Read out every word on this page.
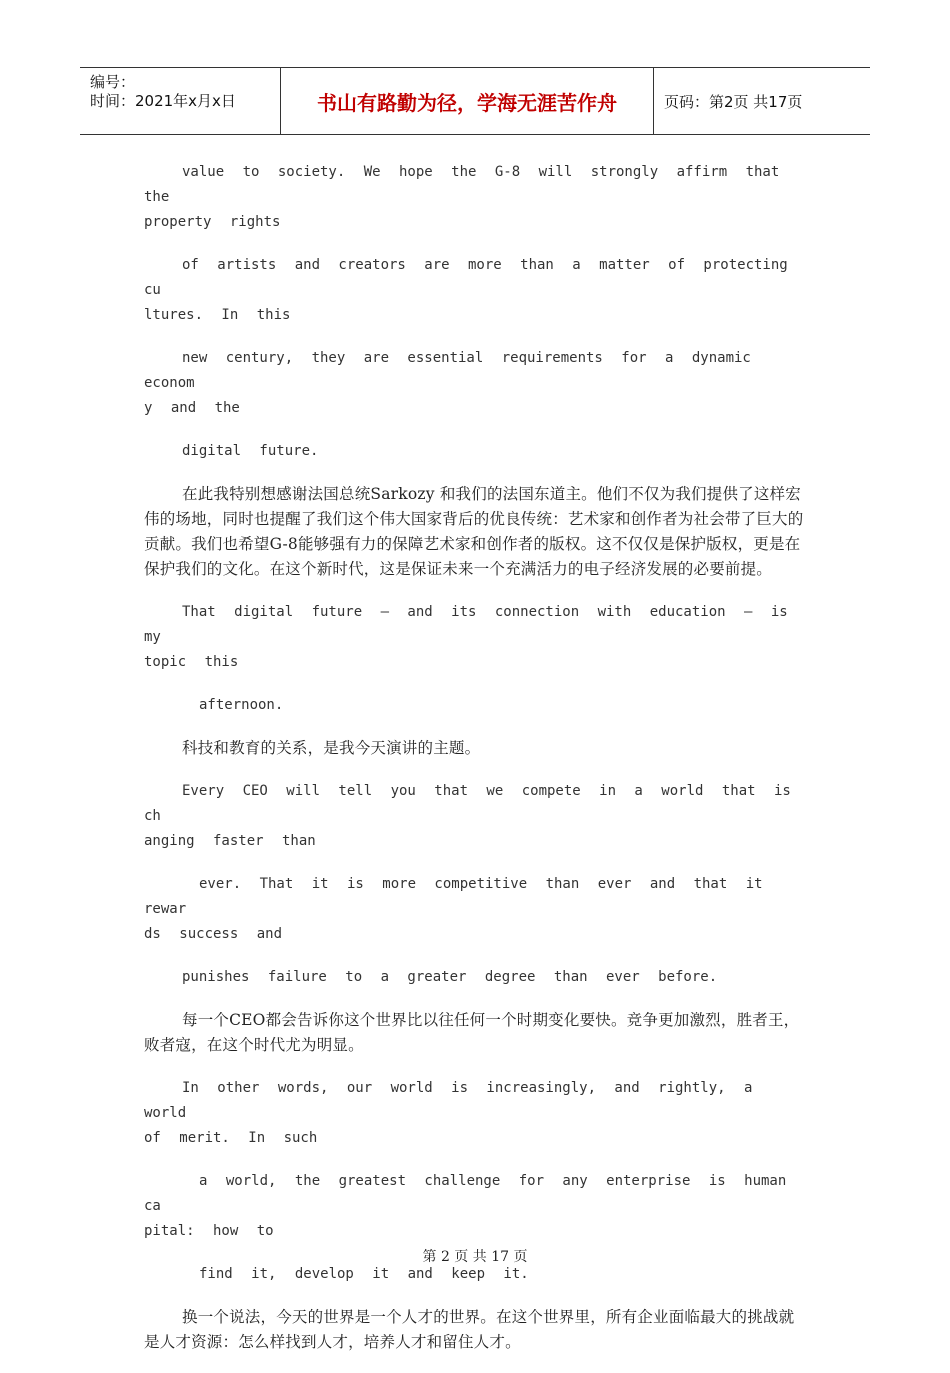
编号：
时间：2021年x月x日	书山有路勤为径，学海无涯苦作舟	页码：第2页 共17页

value to society. We hope the G-8 will strongly affirm that the
property rights

of artists and creators are more than a matter of protecting cu
ltures. In this

new century, they are essential requirements for a dynamic econom
y and the

digital future.

在此我特别想感谢法国总统Sarkozy 和我们的法国东道主。他们不仅为我们提供了这样宏伟的场地，同时也提醒了我们这个伟大国家背后的优良传统：艺术家和创作者为社会带了巨大的贡献。我们也希望G-8能够强有力的保障艺术家和创作者的版权。这不仅仅是保护版权，更是在保护我们的文化。在这个新时代，这是保证未来一个充满活力的电子经济发展的必要前提。

That digital future – and its connection with education – is my
topic this

afternoon.

科技和教育的关系，是我今天演讲的主题。

Every CEO will tell you that we compete in a world that is ch
anging faster than

ever. That it is more competitive than ever and that it rewar
ds success and

punishes failure to a greater degree than ever before.

每一个CEO都会告诉你这个世界比以往任何一个时期变化要快。竞争更加激烈，胜者王，败者寇，在这个时代尤为明显。

In other words, our world is increasingly, and rightly, a world
of merit. In such

a world, the greatest challenge for any enterprise is human ca
pital: how to

find it, develop it and keep it.

换一个说法，今天的世界是一个人才的世界。在这个世界里，所有企业面临最大的挑战就是人才资源：怎么样找到人才，培养人才和留住人才。

第 2 页 共 17 页
